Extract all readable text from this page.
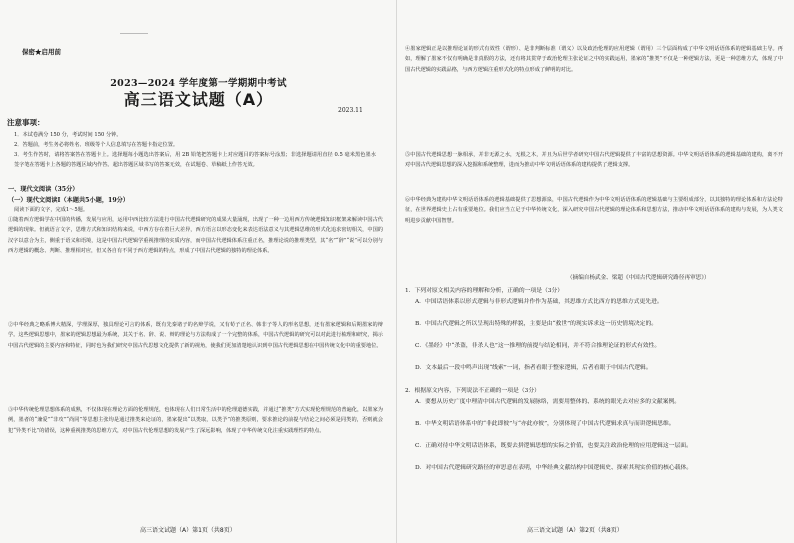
保密★启用前
2023—2024 学年度第一学期期中考试
高三语文试题（A）
2023.11
注意事项：
1．本试卷满分 150 分，考试时间 150 分钟。
2．答题前，考生务必将姓名、班级等个人信息填写在答题卡指定位置。
3．考生作答时，请将答案答在答题卡上。选择题每小题选出答案后，用 2B 铅笔把答题卡上对应题目的答案标号涂黑；非选择题请用直径 0.5 毫米黑色墨水签字笔在答题卡上各题的答题区域内作答。超出答题区域书写的答案无效，在试题卷、草稿纸上作答无效。
一、现代文阅读（35分）
（一）现代文阅读Ⅰ（本题共5小题，19分）
阅读下面的文字，完成1～5题。
①随着西方逻辑学在中国的传播，发展与应用，运用中西比较方法进行中国古代逻辑研究的成果大量涌现，出现了一种一边用西方传统逻辑知识框架来解读中国古代逻辑的现象。但就语言文字，思维方式和知识结构来说，中西方存在着巨大差异，西方语言以形态变化来表达语法意义与其逻辑思维的形式化追求密切相关，中国的汉字以意合为主，侧重于语义和语境，这是中国古代逻辑学重视推理的实质内容，而中国古代逻辑体系注重正名，推理论说的推理类型，其“名”“辞”“说”可以分别与西方逻辑的概念、判断、推理相对应，但又各自有不同于西方逻辑的特点，形成了中国古代逻辑的独特的理论体系。
②中华经典之略系博大精深，学理深厚，独具理论可言的体系，既有先秦诸子的名辩学说，又有荀子正名、韩非子等人的形名思想，还有墨家逻辑和后期墨家的辩学。这些逻辑思想中，墨家的逻辑思想最为系统，其关于名、辞、说、辩的理论与方法构成了一个完整的体系，中国古代逻辑的研究可以对此进行梳理和研究，揭示中国古代逻辑的主要内容和特征，同时也为我们研究中国古代思想文化提供了新的视角，使我们更加清楚地认识到中国古代逻辑思想在中国传统文化中的重要地位。
③中华传统伦理思想体系的成熟，不仅体现在理论方面的伦理规范，也体现在人们日常生活中的伦理道德实践，并通过“推类”方式实现伦理规范的普遍化，以墨家为例，墨者的“兼爱”“非攻”“尚同”等思想主张均是通过推类来论证的，墨家提出“以类取，以类予”的推类原则，要求推论的前提与结论之间必须是同类的，否则就会犯“异类不比”的错误，这种重视推类的思维方式，对中国古代伦理思想的发展产生了深远影响，体现了中华传统文化注重实践理性的特点。
高三语文试题（A）第1页（共8页）
④墨家逻辑正是以推理论证的形式有效性（谓形）、是非判断标准（谓义）以及政治伦理的应用逻辑（谓用）三个层面构成了中华文明话语体系的逻辑基础主导。再如，理解了墨家不仅有明确是非真假的方法，还有将其贯穿于政治伦理主张论证之中的实践运用，墨家的“推类”不仅是一种逻辑方法，更是一种思维方式，体现了中国古代逻辑的实践品格，与西方逻辑注重形式化的特点形成了鲜明的对比。
⑤中国古代逻辑思想一脉相承，并非无源之水，无根之木，并且为后世学者研究中国古代逻辑提供了丰富的思想资源。中华文明话语体系的逻辑基础的建构，离不开对中国古代逻辑思想的深入挖掘和系统整理，进而为推动中华文明话语体系的建构提供了逻辑支撑。
⑥中华经典为建构中华文明话语体系的逻辑基础提供了思想源泉，中国古代逻辑作为中华文明话语体系的逻辑基础与主要组成部分，以其独特的理论体系和方法论特征，在世界逻辑史上占有重要地位。我们应当立足于中华传统文化，深入研究中国古代逻辑的理论体系和思想方法，推动中华文明话语体系的建构与发展，为人类文明进步贡献中国智慧。
（摘编自杨武金、梁超《中国古代逻辑研究路径再审思》）
1．下列对原文相关内容的理解和分析，正确的一项是（3分）
A．中国话语体系以形式逻辑与非形式逻辑并作作为基础，其思维方式比西方的思维方式更先进。
B．中国古代逻辑之所以呈现出特殊的样貌，主要是由“救世”的现实诉求这一历史情境决定的。
C．《墨经》中“杀盗，非杀人也”这一推理的前提与结论相同，并不符合推理论证的形式有效性。
D．文本最后一段中鸣声出现“线索”一词，指者看眼于整家逻辑，后者看眼于中国古代逻辑。
2．根据原文内容，下列说法不正确的一项是（3分）
A．要想从历史广度中理清中国古代逻辑的发展脉络，需要用整体的、系统的眼光去对应多的文献案例。
B．中华文明话语体系中的“非此即彼”与“亦此亦彼”，分别体现了中国古代逻辑求真与而讲逻辑思维。
C．正确对待中华文明话语体系，既要去拼逻辑思想的实际之价值，也要关注政治伦理的应用逻辑这一层面。
D．对中国古代逻辑研究路径的审思意在表明，中华经典文献结构中国逻辑史、探索其现实价值的核心载体。
高三语文试题（A）第2页（共8页）
